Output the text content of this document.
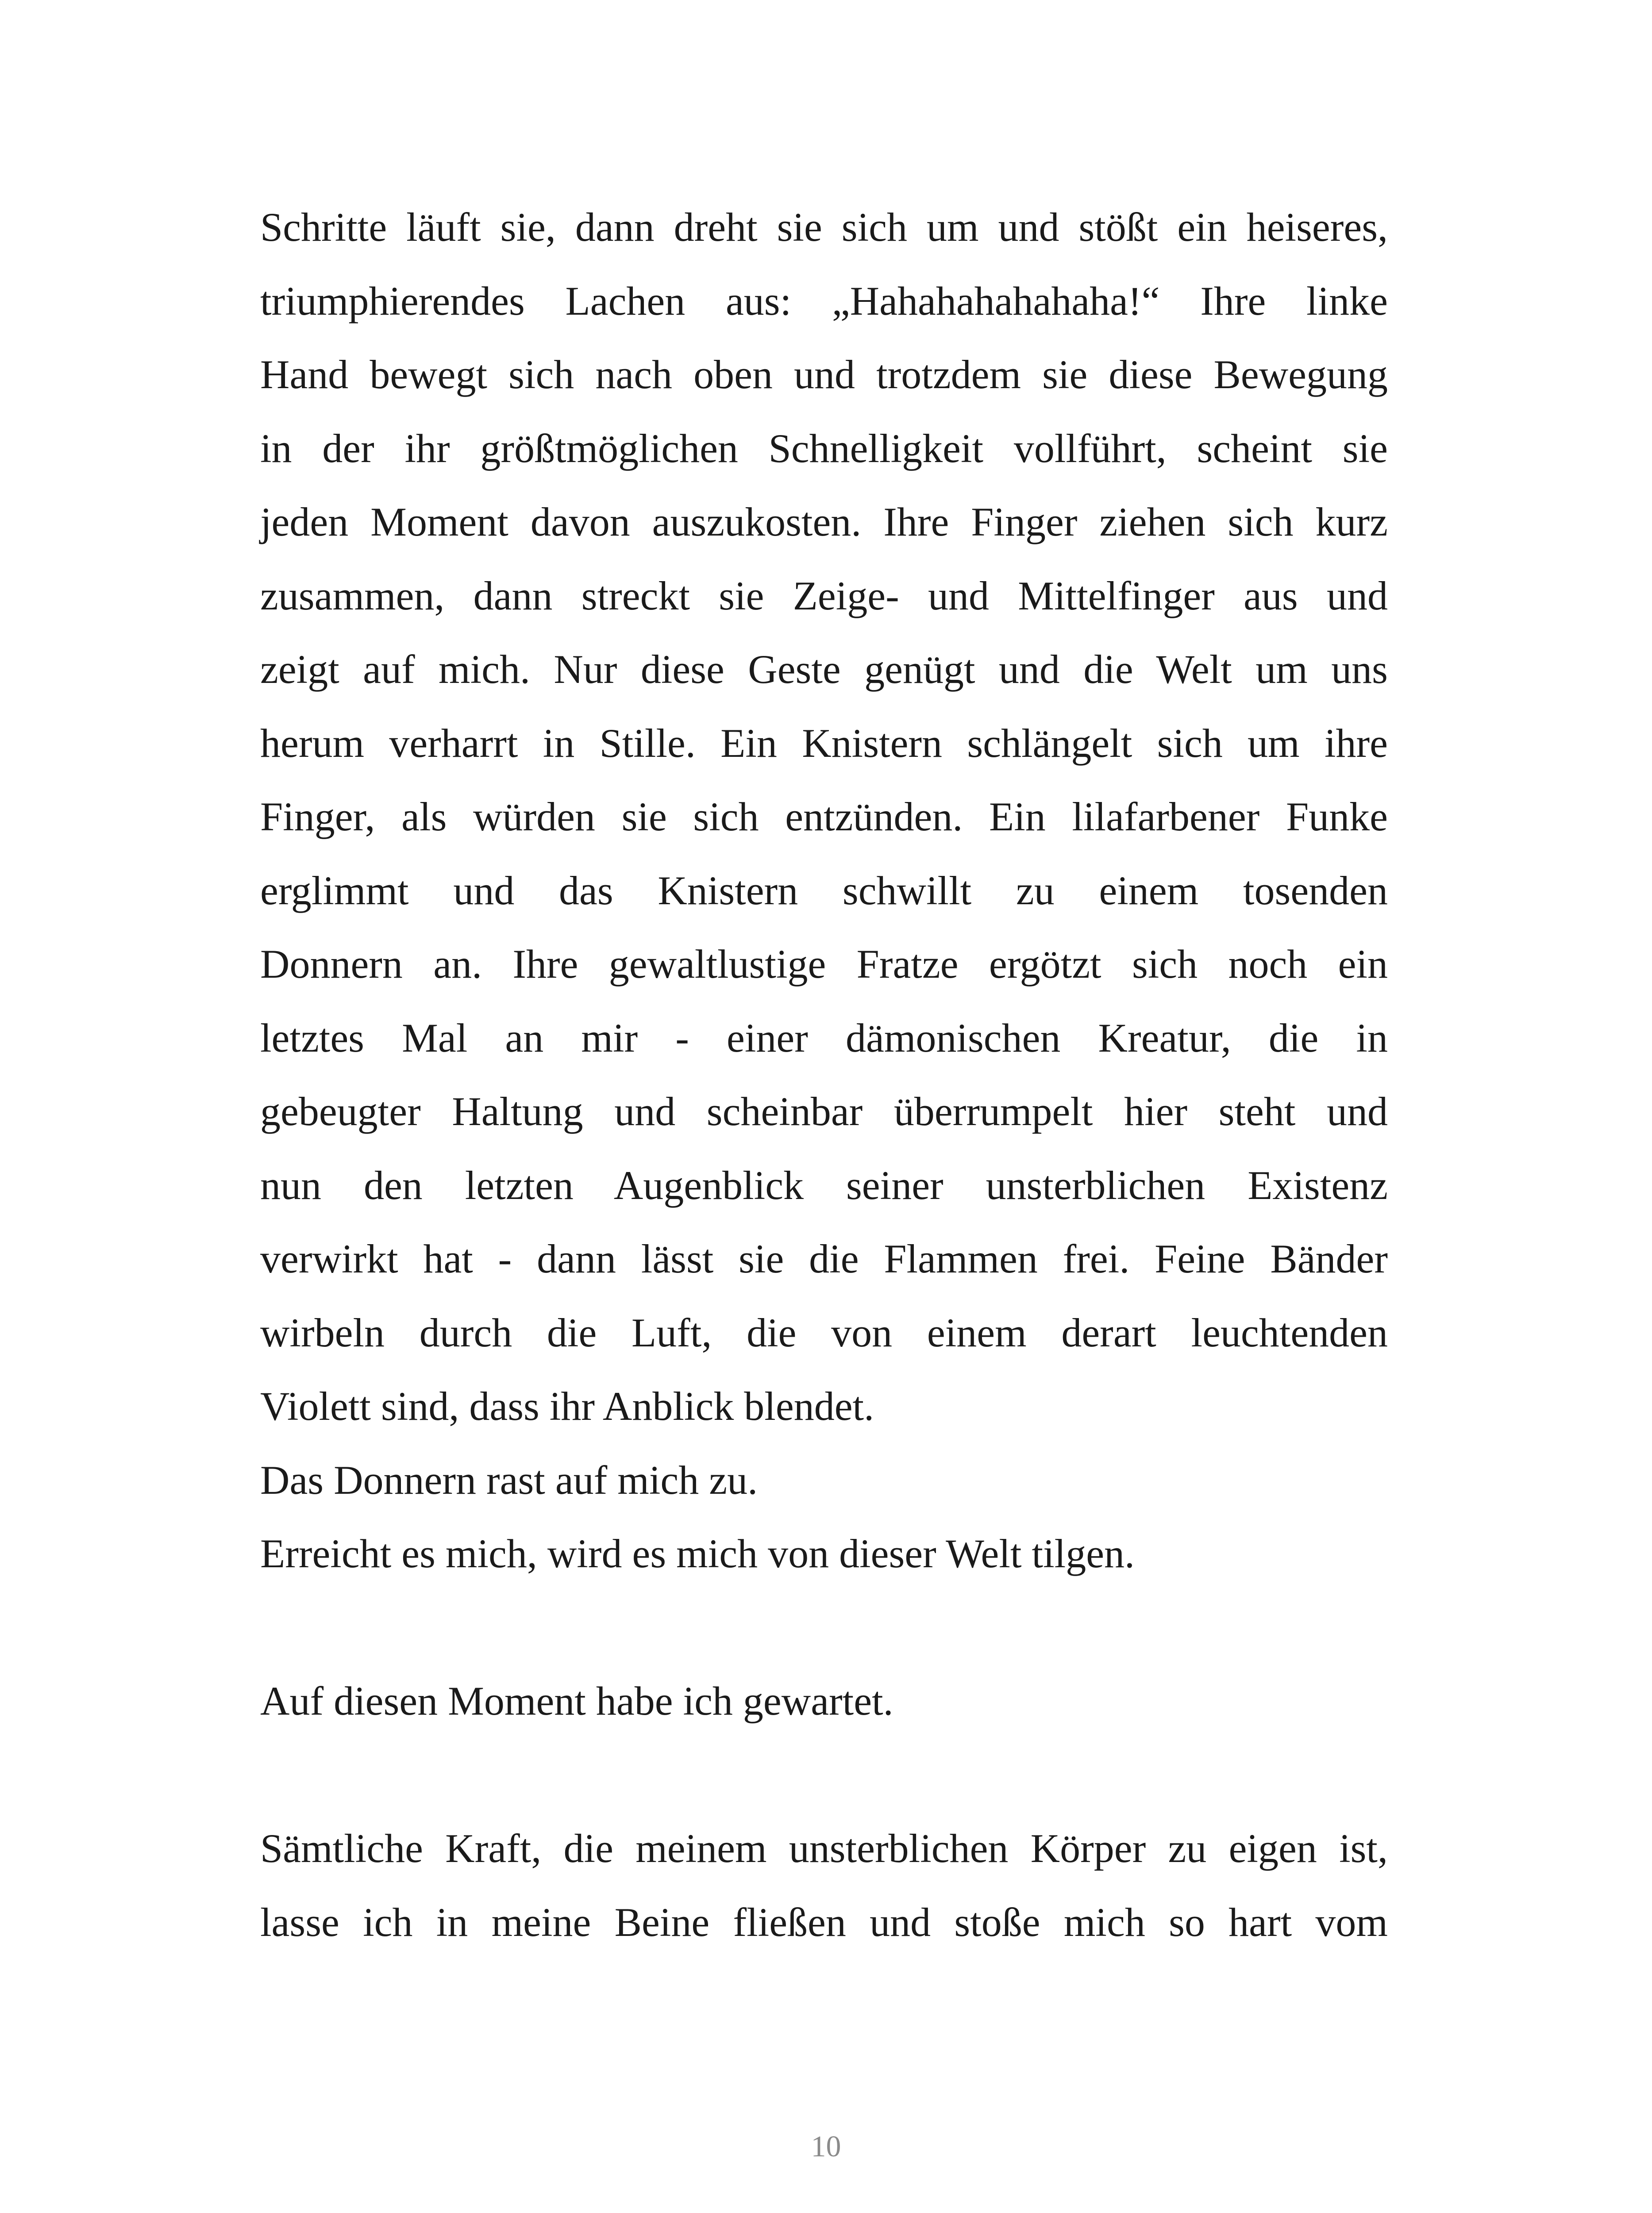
Schritte läuft sie, dann dreht sie sich um und stößt ein heiseres,
triumphierendes Lachen aus: „Hahahahahahaha!“ Ihre linke
Hand bewegt sich nach oben und trotzdem sie diese Bewegung
in der ihr größtmöglichen Schnelligkeit vollführt, scheint sie
jeden Moment davon auszukosten. Ihre Finger ziehen sich kurz
zusammen, dann streckt sie Zeige- und Mittelfinger aus und
zeigt auf mich. Nur diese Geste genügt und die Welt um uns
herum verharrt in Stille. Ein Knistern schlängelt sich um ihre
Finger, als würden sie sich entzünden. Ein lilafarbener Funke
erglimmt und das Knistern schwillt zu einem tosenden
Donnern an. Ihre gewaltlustige Fratze ergötzt sich noch ein
letztes Mal an mir - einer dämonischen Kreatur, die in
gebeugter Haltung und scheinbar überrumpelt hier steht und
nun den letzten Augenblick seiner unsterblichen Existenz
verwirkt hat - dann lässt sie die Flammen frei. Feine Bänder
wirbeln durch die Luft, die von einem derart leuchtenden
Violett sind, dass ihr Anblick blendet.

Das Donnern rast auf mich zu.

Erreicht es mich, wird es mich von dieser Welt tilgen.

Auf diesen Moment habe ich gewartet.

Sämtliche Kraft, die meinem unsterblichen Körper zu eigen ist,
lasse ich in meine Beine fließen und stoße mich so hart vom

10
